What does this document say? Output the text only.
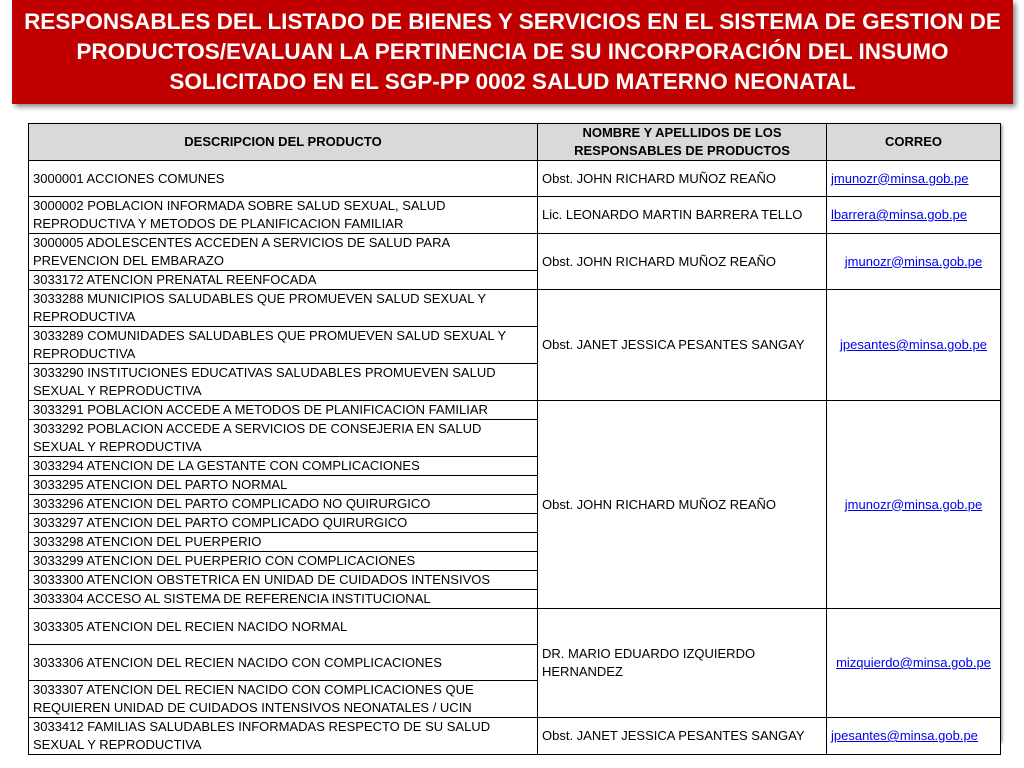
RESPONSABLES DEL LISTADO DE BIENES Y SERVICIOS EN EL SISTEMA DE GESTION DE PRODUCTOS/EVALUAN LA PERTINENCIA DE SU INCORPORACIÓN DEL INSUMO SOLICITADO EN EL SGP-PP 0002 SALUD MATERNO NEONATAL
DESCRIPCION DEL PRODUCTO	NOMBRE Y APELLIDOS DE LOS RESPONSABLES DE PRODUCTOS	CORREO
3000001 ACCIONES COMUNES	Obst. JOHN RICHARD MUÑOZ REAÑO	jmunozr@minsa.gob.pe
3000002 POBLACION INFORMADA SOBRE SALUD SEXUAL, SALUD REPRODUCTIVA Y METODOS DE PLANIFICACION FAMILIAR	Lic. LEONARDO MARTIN BARRERA TELLO	lbarrera@minsa.gob.pe
3000005 ADOLESCENTES ACCEDEN A SERVICIOS DE SALUD PARA PREVENCION DEL EMBARAZO	Obst. JOHN RICHARD MUÑOZ REAÑO	jmunozr@minsa.gob.pe
3033172 ATENCION PRENATAL REENFOCADA		
3033288 MUNICIPIOS SALUDABLES QUE PROMUEVEN SALUD SEXUAL Y REPRODUCTIVA	Obst. JANET JESSICA PESANTES SANGAY	jpesantes@minsa.gob.pe
3033289 COMUNIDADES SALUDABLES QUE PROMUEVEN SALUD SEXUAL Y REPRODUCTIVA		
3033290 INSTITUCIONES EDUCATIVAS SALUDABLES PROMUEVEN SALUD SEXUAL Y REPRODUCTIVA		
3033291 POBLACION ACCEDE A METODOS DE PLANIFICACION FAMILIAR	Obst. JOHN RICHARD MUÑOZ REAÑO	jmunozr@minsa.gob.pe
3033292 POBLACION ACCEDE A SERVICIOS DE CONSEJERIA EN SALUD SEXUAL Y REPRODUCTIVA		
3033294 ATENCION DE LA GESTANTE CON COMPLICACIONES		
3033295 ATENCION DEL PARTO NORMAL		
3033296 ATENCION DEL PARTO COMPLICADO NO QUIRURGICO		
3033297 ATENCION DEL PARTO COMPLICADO QUIRURGICO		
3033298 ATENCION DEL PUERPERIO		
3033299 ATENCION DEL PUERPERIO CON COMPLICACIONES		
3033300 ATENCION OBSTETRICA EN UNIDAD DE CUIDADOS INTENSIVOS		
3033304 ACCESO AL SISTEMA DE REFERENCIA INSTITUCIONAL		
3033305 ATENCION DEL RECIEN NACIDO NORMAL	DR. MARIO EDUARDO IZQUIERDO HERNANDEZ	mizquierdo@minsa.gob.pe
3033306 ATENCION DEL RECIEN NACIDO CON COMPLICACIONES		
3033307 ATENCION DEL RECIEN NACIDO CON COMPLICACIONES QUE REQUIEREN UNIDAD DE CUIDADOS INTENSIVOS NEONATALES / UCIN		
3033412 FAMILIAS SALUDABLES INFORMADAS RESPECTO DE SU SALUD SEXUAL Y REPRODUCTIVA	Obst. JANET JESSICA PESANTES SANGAY	jpesantes@minsa.gob.pe
